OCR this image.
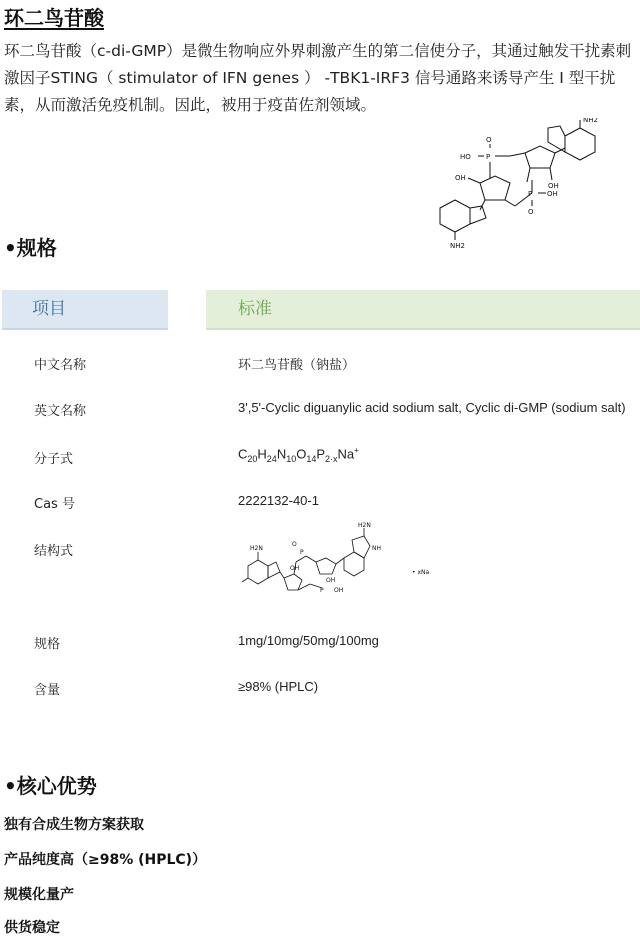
环二鸟苷酸
环二鸟苷酸（c-di-GMP）是微生物响应外界刺激产生的第二信使分子，其通过触发干扰素刺激因子STING（ stimulator of IFN genes ） -TBK1-IRF3 信号通路来诱导产生 I 型干扰素，从而激活免疫机制。因此，被用于疫苗佐剂领域。
NH2
OH
P
O
HO
OH
P OH
O
NH2
•规格
项目	标准
中文名称	环二鸟苷酸（钠盐）
英文名称	3',5'-Cyclic diguanylic acid sodium salt, Cyclic di-GMP (sodium salt)
分子式	$C_{20}H_{24}N_{10}O_{14}P_{2\cdot x}Na^+$
Cas 号	2222132-40-1
结构式	H2N
H2N
NH
P
P
OH
OH
OH
O
• xNa
规格	1mg/10mg/50mg/100mg
含量	≥98% (HPLC)
•核心优势
独有合成生物方案获取
产品纯度高（≥98% (HPLC)）
规模化量产
供货稳定
